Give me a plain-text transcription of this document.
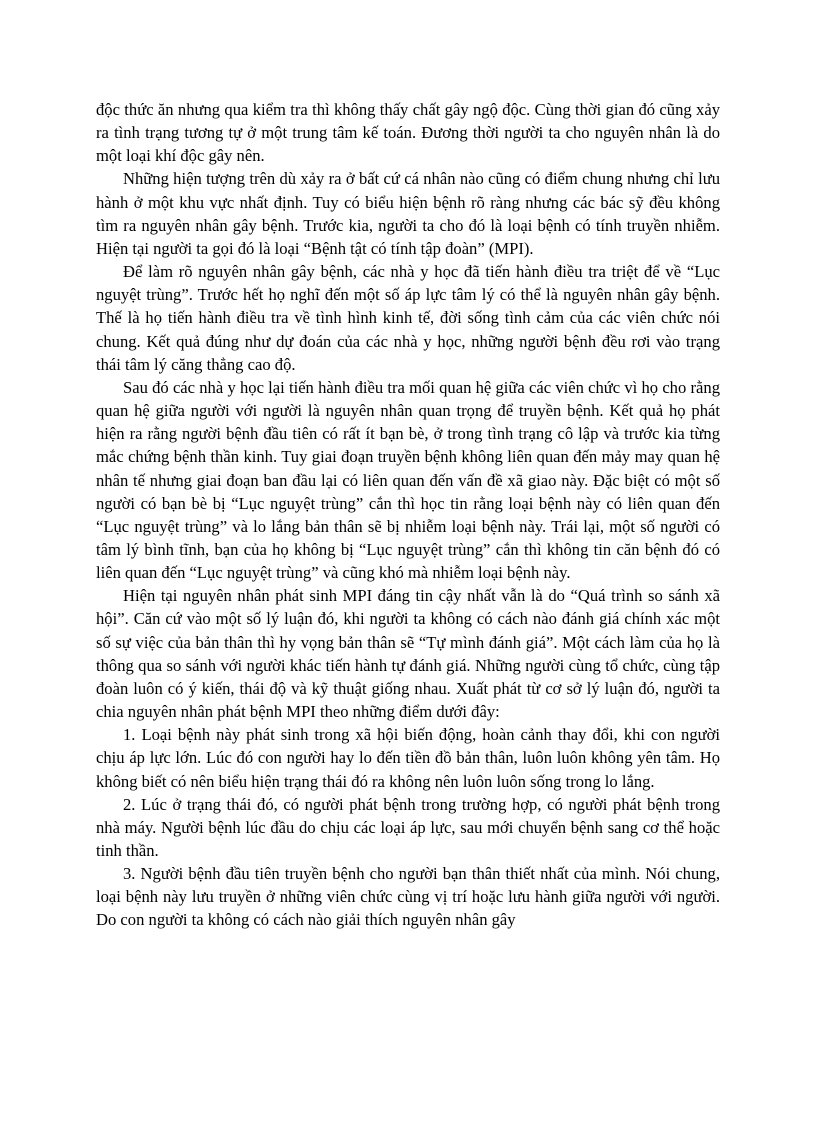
độc thức ăn nhưng qua kiểm tra thì không thấy chất gây ngộ độc. Cùng thời gian đó cũng xảy ra tình trạng tương tự ở một trung tâm kế toán. Đương thời người ta cho nguyên nhân là do một loại khí độc gây nên.

Những hiện tượng trên dù xảy ra ở bất cứ cá nhân nào cũng có điểm chung nhưng chỉ lưu hành ở một khu vực nhất định. Tuy có biểu hiện bệnh rõ ràng nhưng các bác sỹ đều không tìm ra nguyên nhân gây bệnh. Trước kia, người ta cho đó là loại bệnh có tính truyền nhiễm. Hiện tại người ta gọi đó là loại “Bệnh tật có tính tập đoàn” (MPI).

Để làm rõ nguyên nhân gây bệnh, các nhà y học đã tiến hành điều tra triệt để về “Lục nguyệt trùng”. Trước hết họ nghĩ đến một số áp lực tâm lý có thể là nguyên nhân gây bệnh. Thế là họ tiến hành điều tra về tình hình kinh tế, đời sống tình cảm của các viên chức nói chung. Kết quả đúng như dự đoán của các nhà y học, những người bệnh đều rơi vào trạng thái tâm lý căng thẳng cao độ.

Sau đó các nhà y học lại tiến hành điều tra mối quan hệ giữa các viên chức vì họ cho rằng quan hệ giữa người với người là nguyên nhân quan trọng để truyền bệnh. Kết quả họ phát hiện ra rằng người bệnh đầu tiên có rất ít bạn bè, ở trong tình trạng cô lập và trước kia từng mắc chứng bệnh thần kinh. Tuy giai đoạn truyền bệnh không liên quan đến mảy may quan hệ nhân tế nhưng giai đoạn ban đầu lại có liên quan đến vấn đề xã giao này. Đặc biệt có một số người có bạn bè bị “Lục nguyệt trùng” cắn thì học tin rằng loại bệnh này có liên quan đến “Lục nguyệt trùng” và lo lắng bản thân sẽ bị nhiễm loại bệnh này. Trái lại, một số người có tâm lý bình tĩnh, bạn của họ không bị “Lục nguyệt trùng” cắn thì không tin căn bệnh đó có liên quan đến “Lục nguyệt trùng” và cũng khó mà nhiễm loại bệnh này.

Hiện tại nguyên nhân phát sinh MPI đáng tin cậy nhất vẫn là do “Quá trình so sánh xã hội”. Căn cứ vào một số lý luận đó, khi người ta không có cách nào đánh giá chính xác một số sự việc của bản thân thì hy vọng bản thân sẽ “Tự mình đánh giá”. Một cách làm của họ là thông qua so sánh với người khác tiến hành tự đánh giá. Những người cùng tổ chức, cùng tập đoàn luôn có ý kiến, thái độ và kỹ thuật giống nhau. Xuất phát từ cơ sở lý luận đó, người ta chia nguyên nhân phát bệnh MPI theo những điểm dưới đây:

1. Loại bệnh này phát sinh trong xã hội biến động, hoàn cảnh thay đổi, khi con người chịu áp lực lớn. Lúc đó con người hay lo đến tiền đồ bản thân, luôn luôn không yên tâm. Họ không biết có nên biểu hiện trạng thái đó ra không nên luôn luôn sống trong lo lắng.

2. Lúc ở trạng thái đó, có người phát bệnh trong trường hợp, có người phát bệnh trong nhà máy. Người bệnh lúc đầu do chịu các loại áp lực, sau mới chuyển bệnh sang cơ thể hoặc tinh thần.

3. Người bệnh đầu tiên truyền bệnh cho người bạn thân thiết nhất của mình. Nói chung, loại bệnh này lưu truyền ở những viên chức cùng vị trí hoặc lưu hành giữa người với người. Do con người ta không có cách nào giải thích nguyên nhân gây
